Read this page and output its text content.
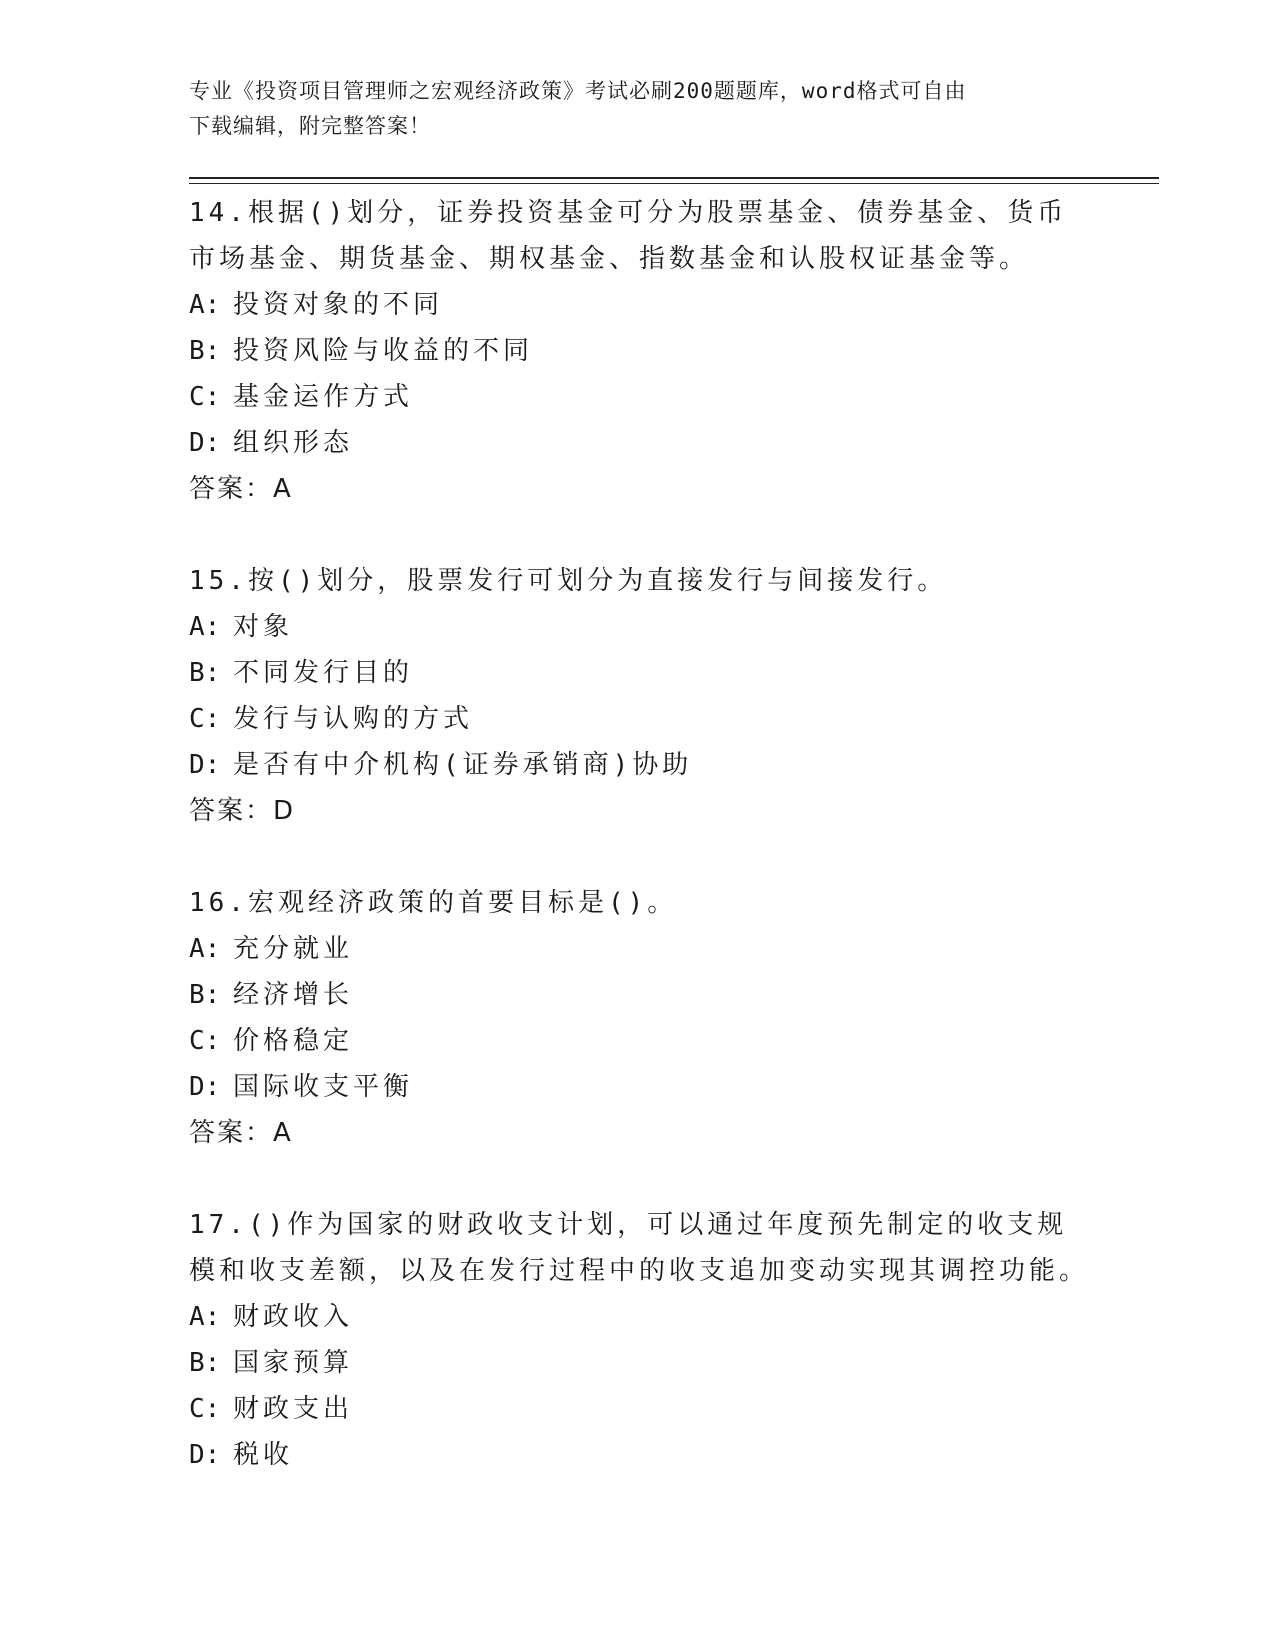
专业《投资项目管理师之宏观经济政策》考试必刷200题题库，word格式可自由
下载编辑，附完整答案！

14.根据()划分，证券投资基金可分为股票基金、债券基金、货币市场基金、期货基金、期权基金、指数基金和认股权证基金等。

A: 投资对象的不同
B: 投资风险与收益的不同
C: 基金运作方式
D: 组织形态

答案：A

15.按()划分，股票发行可划分为直接发行与间接发行。

A: 对象
B: 不同发行目的
C: 发行与认购的方式
D: 是否有中介机构(证券承销商)协助

答案：D

16.宏观经济政策的首要目标是()。

A: 充分就业
B: 经济增长
C: 价格稳定
D: 国际收支平衡

答案：A

17.()作为国家的财政收支计划，可以通过年度预先制定的收支规模和收支差额，以及在发行过程中的收支追加变动实现其调控功能。

A: 财政收入
B: 国家预算
C: 财政支出
D: 税收
